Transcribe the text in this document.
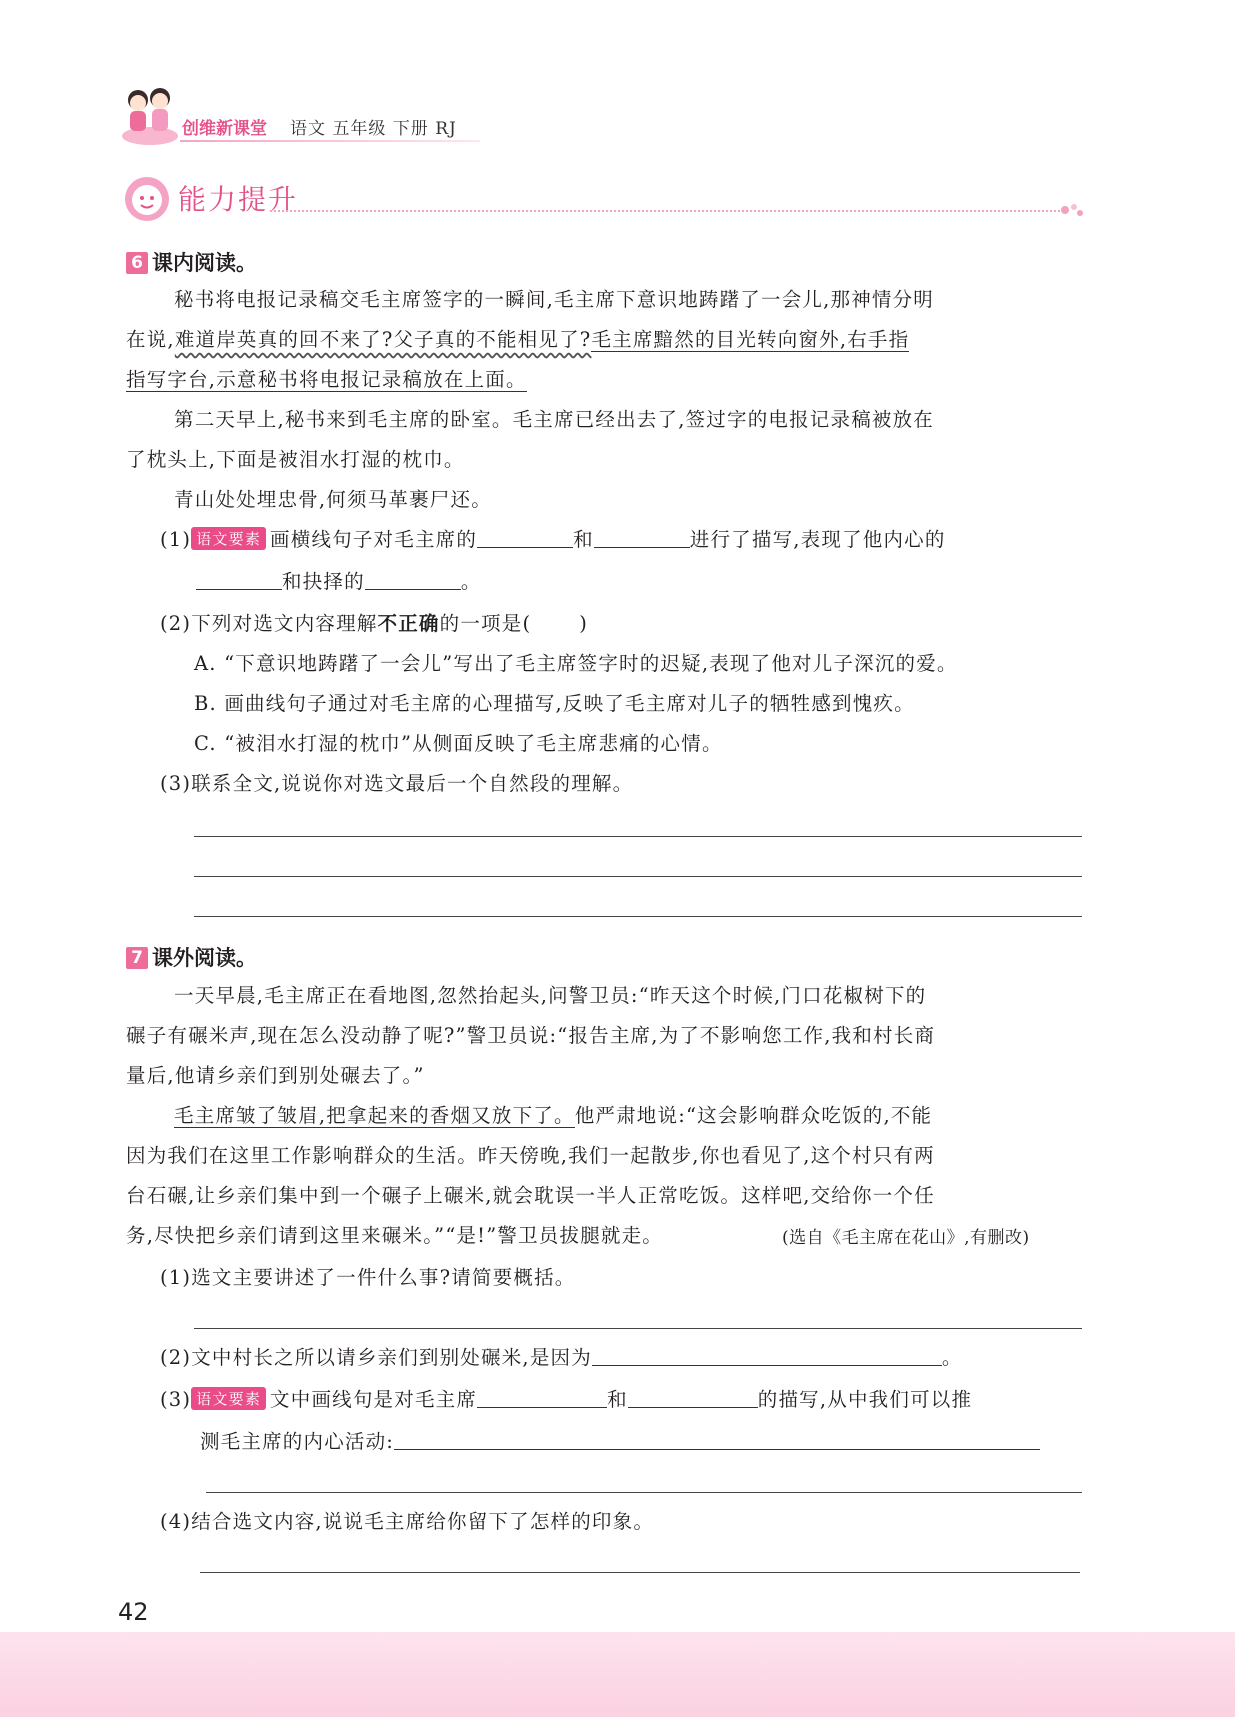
创维新课堂 语文 五年级 下册 RJ
能力提升
6 课内阅读。
秘书将电报记录稿交毛主席签字的一瞬间,毛主席下意识地踌躇了一会儿,那神情分明
在说,难道岸英真的回不来了?父子真的不能相见了?毛主席黯然的目光转向窗外,右手指
指写字台,示意秘书将电报记录稿放在上面。
第二天早上,秘书来到毛主席的卧室。毛主席已经出去了,签过字的电报记录稿被放在
了枕头上,下面是被泪水打湿的枕巾。
青山处处埋忠骨,何须马革裹尸还。
(1) 语文要素 画横线句子对毛主席的	和	进行了描写,表现了他内心的
和抉择的	。
(2)下列对选文内容理解不正确的一项是( )
A. “下意识地踌躇了一会儿”写出了毛主席签字时的迟疑,表现了他对儿子深沉的爱。
B. 画曲线句子通过对毛主席的心理描写,反映了毛主席对儿子的牺牲感到愧疚。
C. “被泪水打湿的枕巾”从侧面反映了毛主席悲痛的心情。
(3)联系全文,说说你对选文最后一个自然段的理解。
7 课外阅读。
一天早晨,毛主席正在看地图,忽然抬起头,问警卫员:“昨天这个时候,门口花椒树下的
碾子有碾米声,现在怎么没动静了呢?”警卫员说:“报告主席,为了不影响您工作,我和村长商
量后,他请乡亲们到别处碾去了。”
毛主席皱了皱眉,把拿起来的香烟又放下了。他严肃地说:“这会影响群众吃饭的,不能
因为我们在这里工作影响群众的生活。昨天傍晚,我们一起散步,你也看见了,这个村只有两
台石碾,让乡亲们集中到一个碾子上碾米,就会耽误一半人正常吃饭。这样吧,交给你一个任
务,尽快把乡亲们请到这里来碾米。”“是!”警卫员拔腿就走。	(选自《毛主席在花山》,有删改)
(1)选文主要讲述了一件什么事?请简要概括。
(2)文中村长之所以请乡亲们到别处碾米,是因为	。
(3) 语文要素 文中画线句是对毛主席	和	的描写,从中我们可以推
测毛主席的内心活动:
(4)结合选文内容,说说毛主席给你留下了怎样的印象。
42
